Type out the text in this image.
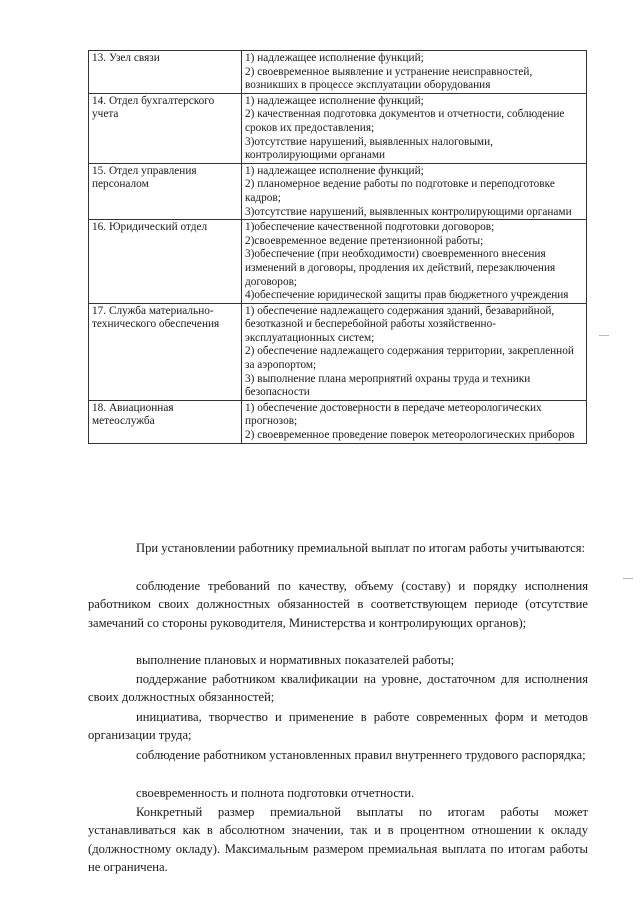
13. Узел связи	1) надлежащее исполнение функций;
2) своевременное выявление и устранение неисправностей, возникших в процессе эксплуатации оборудования

14. Отдел бухгалтерского учета	1) надлежащее исполнение функций;
2) качественная подготовка документов и отчетности, соблюдение сроков их предоставления;
3)отсутствие нарушений, выявленных налоговыми, контролирующими органами

15. Отдел управления персоналом	1) надлежащее исполнение функций;
2) планомерное ведение работы по подготовке и переподготовке кадров;
3)отсутствие нарушений, выявленных контролирующими органами

16. Юридический отдел	1)обеспечение качественной подготовки договоров;
2)своевременное ведение претензионной работы;
3)обеспечение (при необходимости) своевременного внесения изменений в договоры, продления их действий, перезаключения договоров;
4)обеспечение юридической защиты прав бюджетного учреждения

17. Служба материально-технического обеспечения	1) обеспечение надлежащего содержания зданий, безаварийной, безотказной и бесперебойной работы хозяйственно-эксплуатационных систем;
2) обеспечение надлежащего содержания территории, закрепленной за аэропортом;
3) выполнение плана мероприятий охраны труда и техники безопасности

18. Авиационная метеослужба	1) обеспечение достоверности в передаче метеорологических прогнозов;
2) своевременное проведение поверок метеорологических приборов
При установлении работнику премиальной выплат по итогам работы учитываются:
соблюдение требований по качеству, объему (составу) и порядку исполнения работником своих должностных обязанностей в соответствующем периоде (отсутствие замечаний со стороны руководителя, Министерства и контролирующих органов);
выполнение плановых и нормативных показателей работы;
поддержание работником квалификации на уровне, достаточном для исполнения своих должностных обязанностей;
инициатива, творчество и применение в работе современных форм и методов организации труда;
соблюдение работником установленных правил внутреннего трудового распорядка;
своевременность и полнота подготовки отчетности.
Конкретный размер премиальной выплаты по итогам работы может устанавливаться как в абсолютном значении, так и в процентном отношении к окладу (должностному окладу). Максимальным размером премиальная выплата по итогам работы не ограничена.
—
—
